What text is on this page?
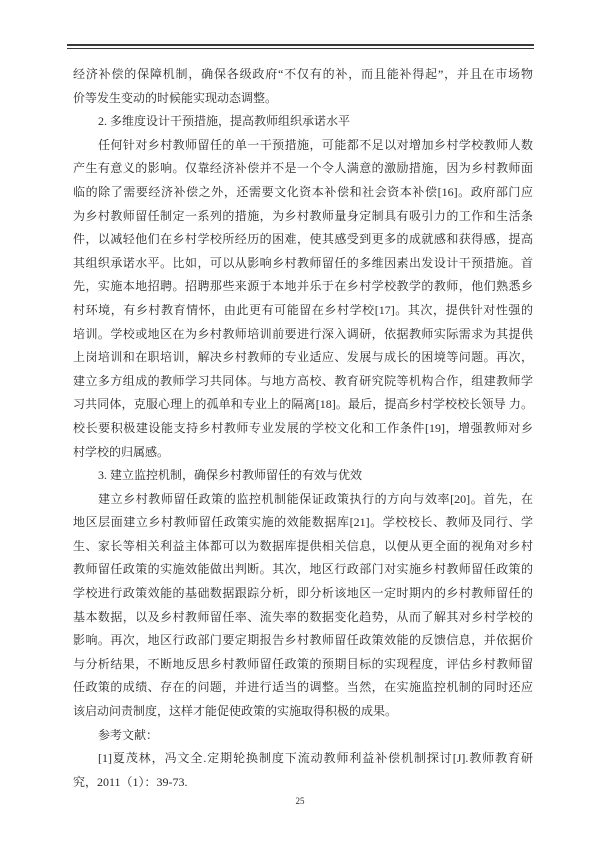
经济补偿的保障机制，确保各级政府“不仅有的补，而且能补得起”，并且在市场物
价等发生变动的时候能实现动态调整。
2. 多维度设计干预措施，提高教师组织承诺水平
任何针对乡村教师留任的单一干预措施，可能都不足以对增加乡村学校教师人数
产生有意义的影响。仅靠经济补偿并不是一个令人满意的激励措施，因为乡村教师面
临的除了需要经济补偿之外，还需要文化资本补偿和社会资本补偿[16]。政府部门应
为乡村教师留任制定一系列的措施，为乡村教师量身定制具有吸引力的工作和生活条
件，以减轻他们在乡村学校所经历的困难，使其感受到更多的成就感和获得感，提高
其组织承诺水平。比如，可以从影响乡村教师留任的多维因素出发设计干预措施。首
先，实施本地招聘。招聘那些来源于本地并乐于在乡村学校教学的教师，他们熟悉乡
村环境，有乡村教育情怀，由此更有可能留在乡村学校[17]。其次，提供针对性强的
培训。学校或地区在为乡村教师培训前要进行深入调研，依据教师实际需求为其提供
上岗培训和在职培训，解决乡村教师的专业适应、发展与成长的困境等问题。再次，
建立多方组成的教师学习共同体。与地方高校、教育研究院等机构合作，组建教师学
习共同体，克服心理上的孤单和专业上的隔离[18]。最后，提高乡村学校校长领导 力。
校长要积极建设能支持乡村教师专业发展的学校文化和工作条件[19]，增强教师对乡
村学校的归属感。
3. 建立监控机制，确保乡村教师留任的有效与优效
建立乡村教师留任政策的监控机制能保证政策执行的方向与效率[20]。首先，在
地区层面建立乡村教师留任政策实施的效能数据库[21]。学校校长、教师及同行、学
生、家长等相关利益主体都可以为数据库提供相关信息，以便从更全面的视角对乡村
教师留任政策的实施效能做出判断。其次，地区行政部门对实施乡村教师留任政策的
学校进行政策效能的基础数据跟踪分析，即分析该地区一定时期内的乡村教师留任的
基本数据，以及乡村教师留任率、流失率的数据变化趋势，从而了解其对乡村学校的
影响。再次，地区行政部门要定期报告乡村教师留任政策效能的反馈信息，并依据价
与分析结果，不断地反思乡村教师留任政策的预期目标的实现程度，评估乡村教师留
任政策的成绩、存在的问题，并进行适当的调整。当然，在实施监控机制的同时还应
该启动问责制度，这样才能促使政策的实施取得积极的成果。
参考文献：
[1]夏茂林，冯文全.定期轮换制度下流动教师利益补偿机制探讨[J].教师教育研
究，2011（1）：39-73.
25
